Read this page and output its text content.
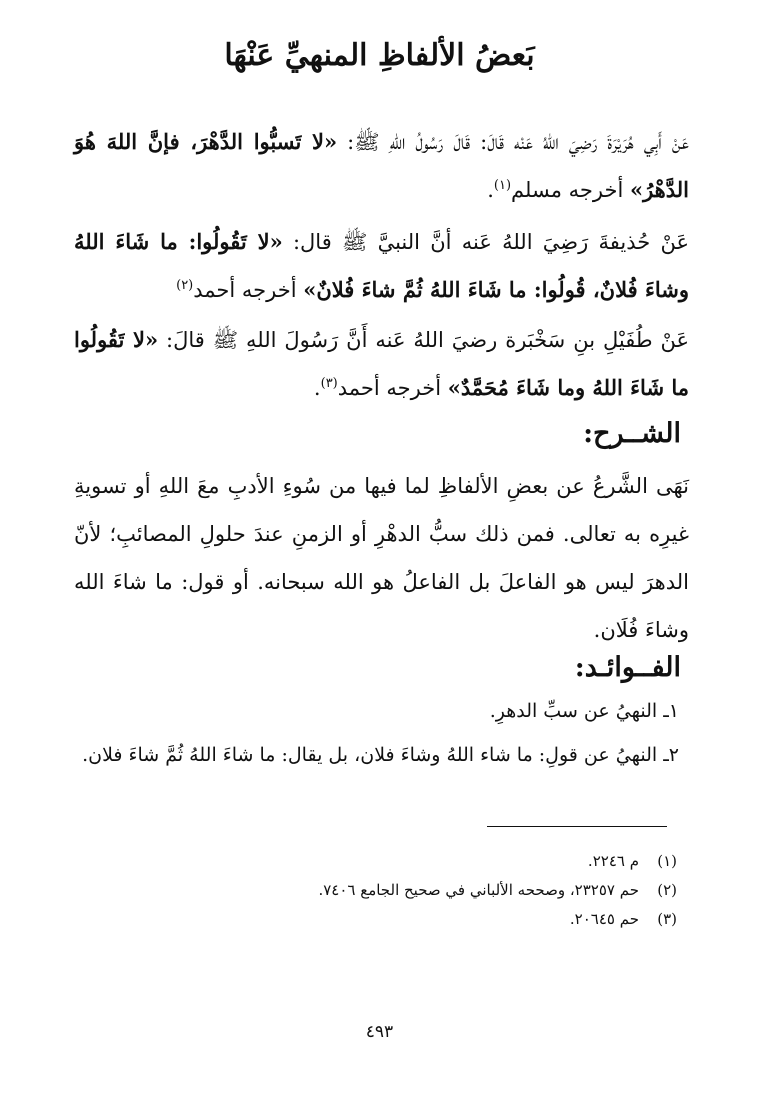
بَعضُ الألفاظِ المنهيِّ عَنْهَا

عَنْ أَبِي هُرَيْرَةَ رَضِيَ اللهُ عَنْه قَالَ: قَالَ رَسُولُ اللهِ ﷺ: «لا تَسبُّوا الدَّهْرَ، فإنَّ اللهَ هُوَ الدَّهْرُ» أخرجه مسلم$^{(١)}$.

عَنْ حُذيفةَ رَضِيَ اللهُ عَنه أنَّ النبيَّ ﷺ قال: «لا تَقُولُوا: ما شَاءَ اللهُ وشاءَ فُلانٌ، قُولُوا: ما شَاءَ اللهُ ثُمَّ شاءَ فُلانٌ» أخرجه أحمد$^{(٢)}$

عَنْ طُفَيْلِ بنِ سَخْبَرة رضيَ اللهُ عَنه أَنَّ رَسُولَ اللهِ ﷺ قالَ: «لا تَقُولُوا ما شَاءَ اللهُ وما شَاءَ مُحَمَّدٌ» أخرجه أحمد$^{(٣)}$.

الشــرح:

نَهَى الشَّرعُ عن بعضِ الألفاظِ لما فيها من سُوءِ الأدبِ معَ اللهِ أو تسويةِ غيرِه به تعالى. فمن ذلك سبُّ الدهْرِ أو الزمنِ عندَ حلولِ المصائبِ؛ لأنّ الدهرَ ليس هو الفاعلَ بل الفاعلُ هو الله سبحانه. أو قول: ما شاءَ الله وشاءَ فُلَان.

الفــوائـد:

١ـ النهيُ عن سبِّ الدهرِ.

٢ـ النهيُ عن قولِ: ما شاء اللهُ وشاءَ فلان، بل يقال: ما شاءَ اللهُ ثُمَّ شاءَ فلان.

(١)م ٢٢٤٦.

(٢)حم ٢٣٢٥٧، وصححه الألباني في صحيح الجامع ٧٤٠٦.

(٣)حم ٢٠٦٤٥.

٤٩٣
